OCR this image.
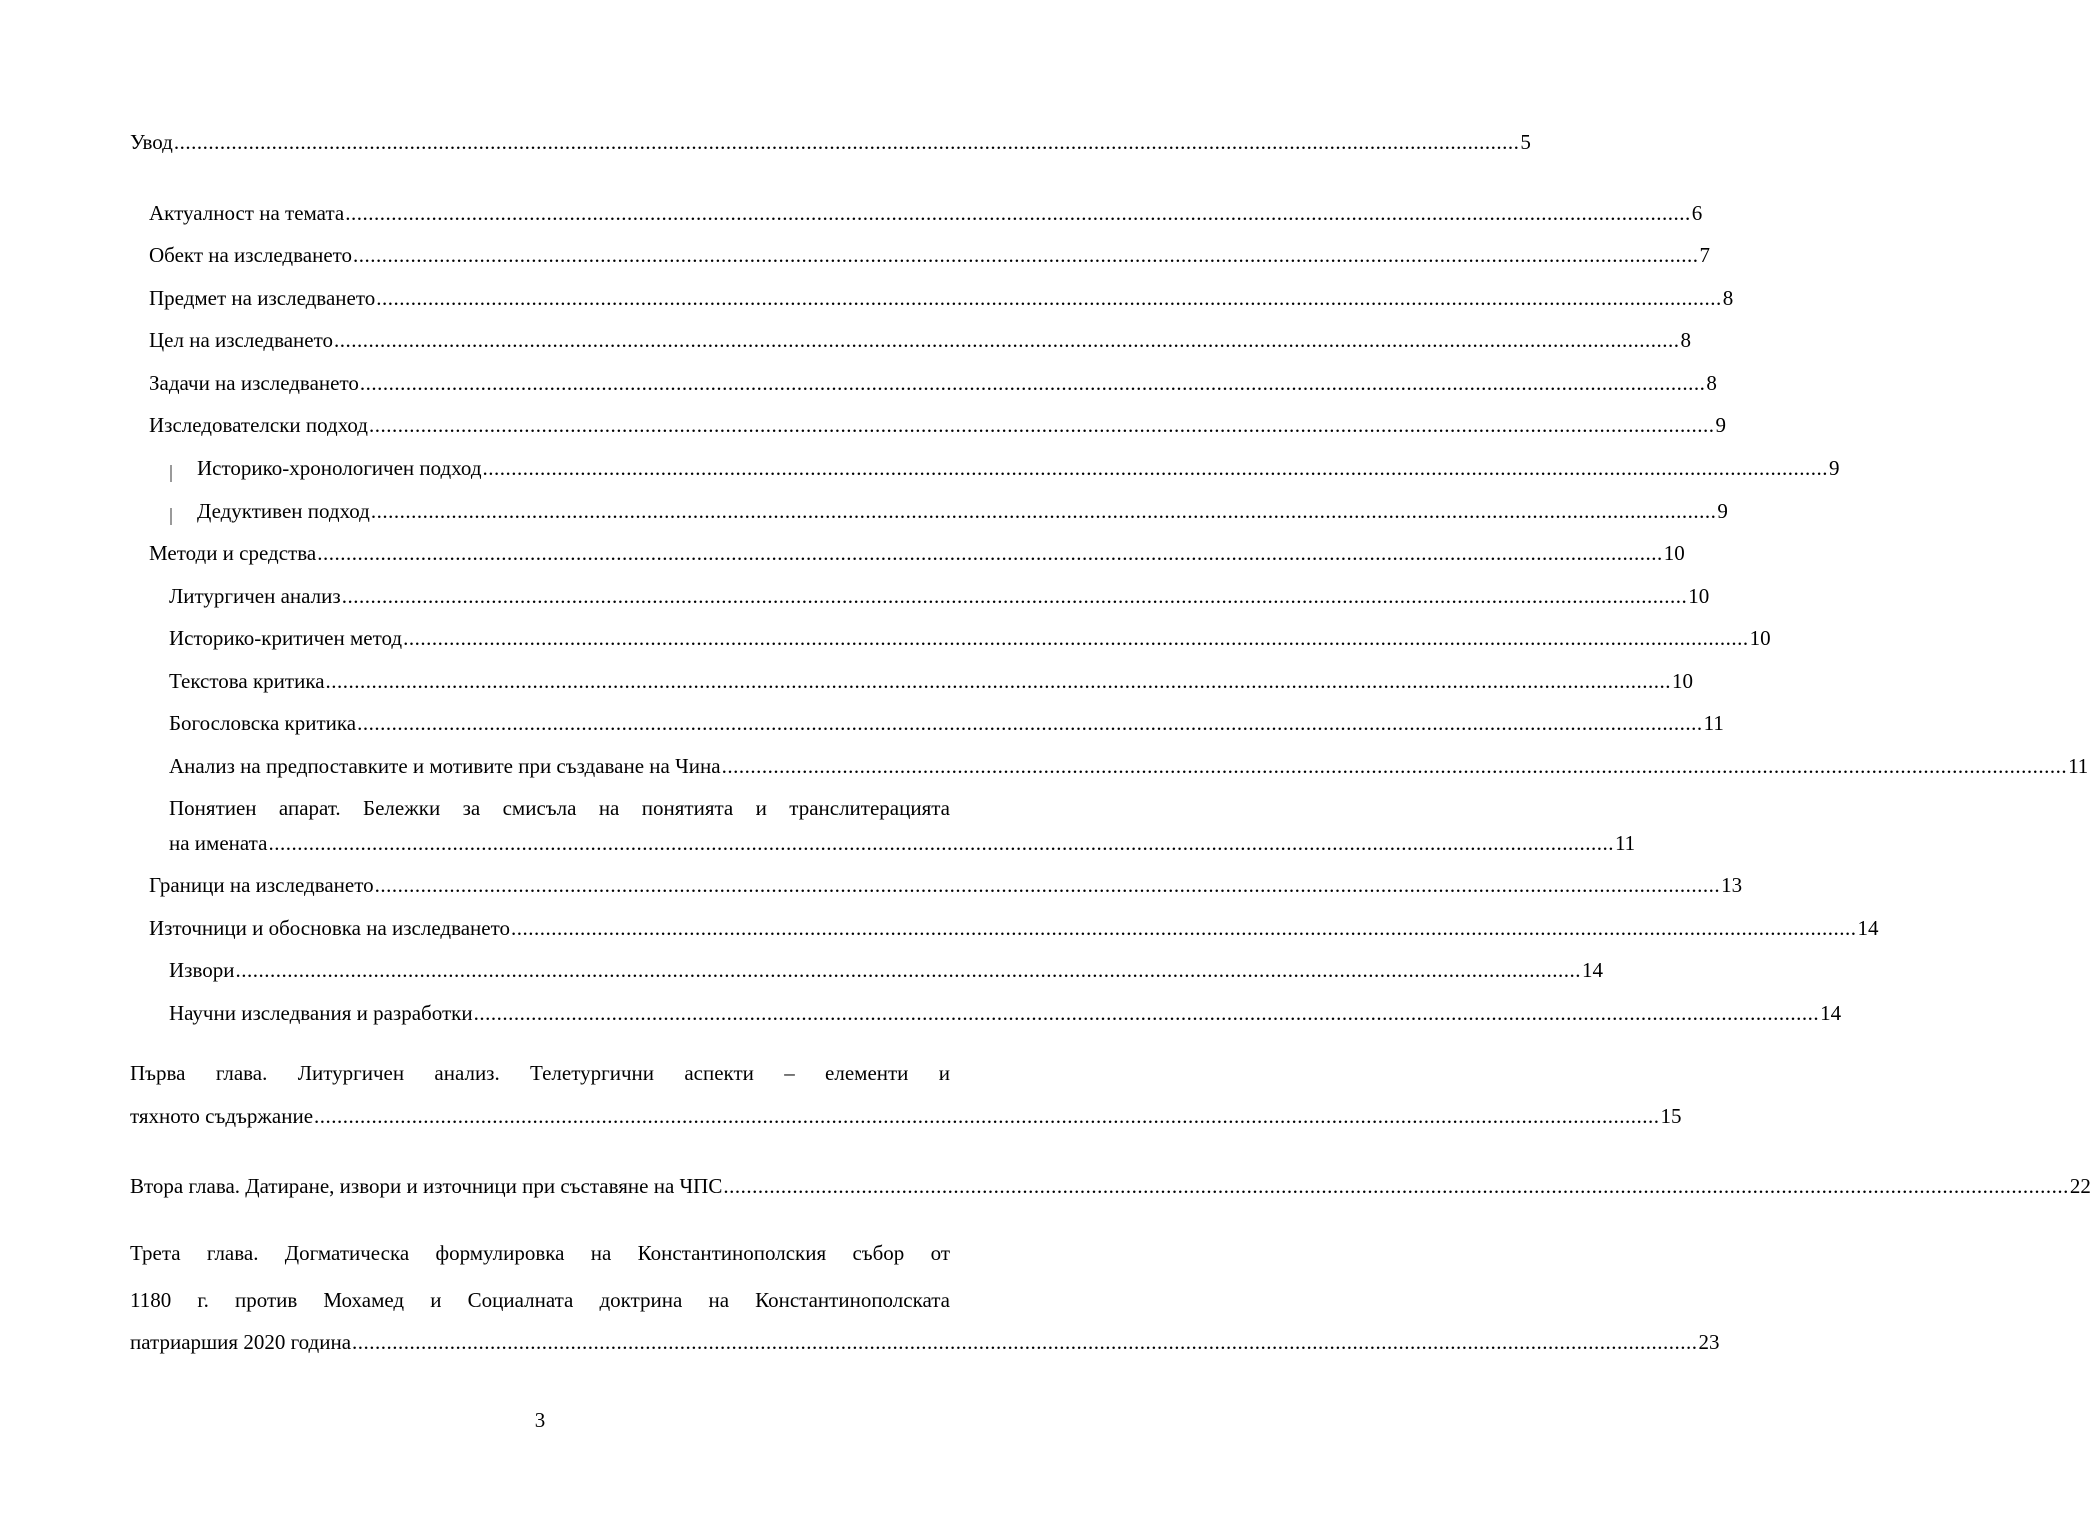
Увод .......................................................................................................................................................................................................................................... 5
Актуалност на темата .......................................................................................................................................................................................................................................... 6
Обект на изследването .......................................................................................................................................................................................................................................... 7
Предмет на изследването .......................................................................................................................................................................................................................................... 8
Цел на изследването .......................................................................................................................................................................................................................................... 8
Задачи на изследването .......................................................................................................................................................................................................................................... 8
Изследователски подход .......................................................................................................................................................................................................................................... 9
Историко-хронологичен подход .......................................................................................................................................................................................................................................... 9
Дедуктивен подход .......................................................................................................................................................................................................................................... 9
Методи и средства .......................................................................................................................................................................................................................................... 10
Литургичен анализ .......................................................................................................................................................................................................................................... 10
Историко-критичен метод .......................................................................................................................................................................................................................................... 10
Текстова критика .......................................................................................................................................................................................................................................... 10
Богословска критика .......................................................................................................................................................................................................................................... 11
Анализ на предпоставките и мотивите при създаване на Чина .......................................................................................................................................................................................................................................... 11
Понятиен апарат. Бележки за смисъла на понятията и транслитерацията
на имената .......................................................................................................................................................................................................................................... 11
Граници на изследването .......................................................................................................................................................................................................................................... 13
Източници и обосновка на изследването .......................................................................................................................................................................................................................................... 14
Извори .......................................................................................................................................................................................................................................... 14
Научни изследвания и разработки .......................................................................................................................................................................................................................................... 14
Първа глава. Литургичен анализ. Телетургични аспекти – елементи и
тяхното съдържание .......................................................................................................................................................................................................................................... 15
Втора глава. Датиране, извори и източници при съставяне на ЧПС .......................................................................................................................................................................................................................................... 22
Трета глава. Догматическа формулировка на Константинополския събор от
1180 г. против Мохамед и Социалната доктрина на Константинополската
патриаршия 2020 година .......................................................................................................................................................................................................................................... 23
3
